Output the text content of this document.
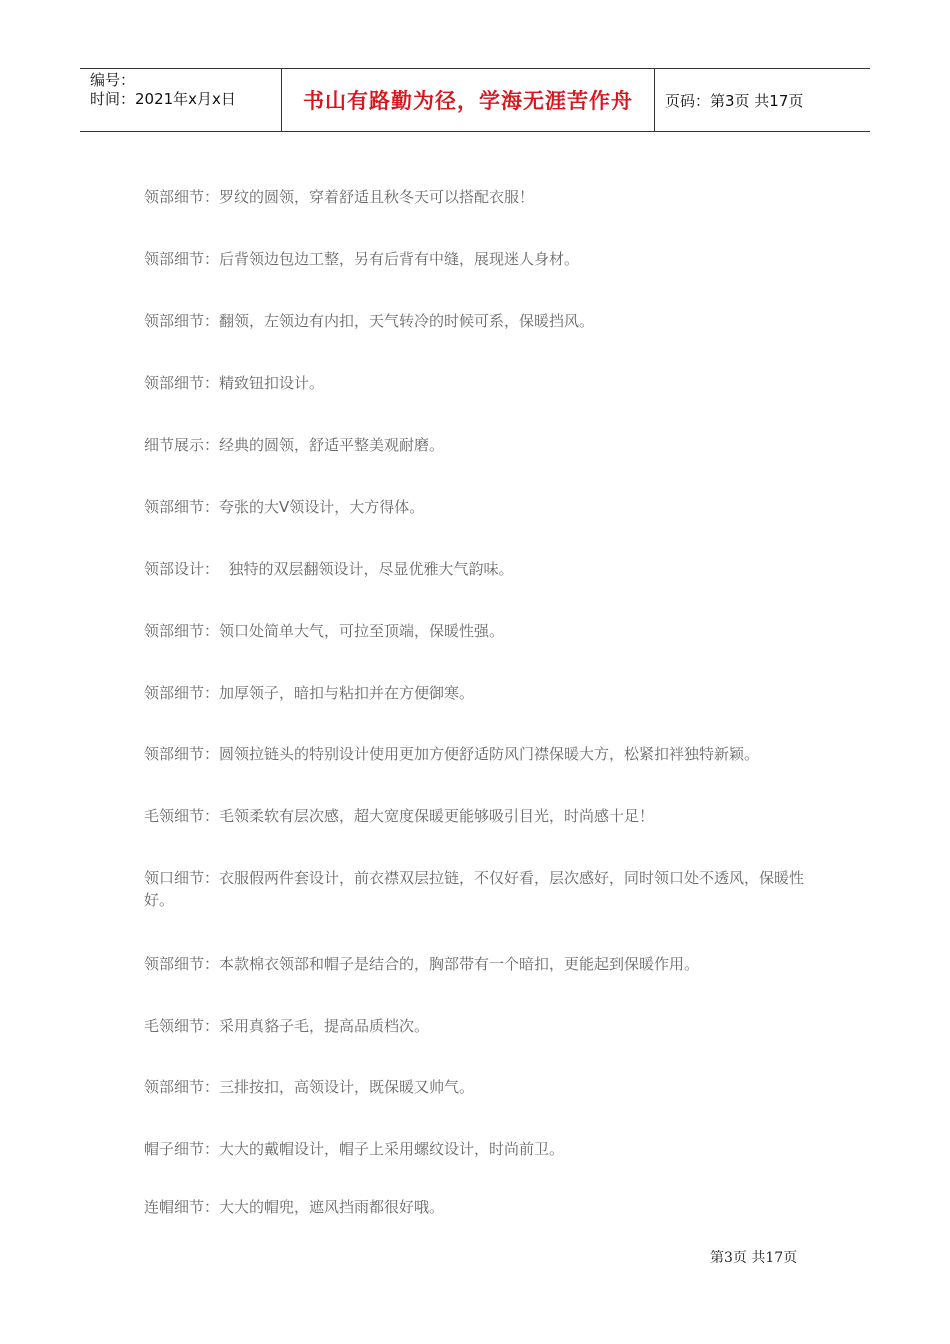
编号：
时间：2021年x月x日	书山有路勤为径，学海无涯苦作舟 页码：第3页 共17页
领部细节：罗纹的圆领，穿着舒适且秋冬天可以搭配衣服！
领部细节：后背领边包边工整，另有后背有中缝，展现迷人身材。
领部细节：翻领，左领边有内扣，天气转冷的时候可系，保暖挡风。
领部细节：精致钮扣设计。
细节展示：经典的圆领，舒适平整美观耐磨。
领部细节：夸张的大Ⅴ领设计，大方得体。
领部设计：  独特的双层翻领设计，尽显优雅大气韵味。
领部细节：领口处简单大气，可拉至顶端，保暖性强。
领部细节：加厚领子，暗扣与粘扣并在方便御寒。
领部细节：圆领拉链头的特别设计使用更加方便舒适防风门襟保暖大方，松紧扣袢独特新颖。
毛领细节：毛领柔软有层次感，超大宽度保暖更能够吸引目光，时尚感十足！
领口细节：衣服假两件套设计，前衣襟双层拉链，不仅好看，层次感好，同时领口处不透风，保暖性好。
领部细节：本款棉衣领部和帽子是结合的，胸部带有一个暗扣，更能起到保暖作用。
毛领细节：采用真貉子毛，提高品质档次。
领部细节：三排按扣，高领设计，既保暖又帅气。
帽子细节：大大的戴帽设计，帽子上采用螺纹设计，时尚前卫。
连帽细节：大大的帽兜，遮风挡雨都很好哦。
第3页 共17页
